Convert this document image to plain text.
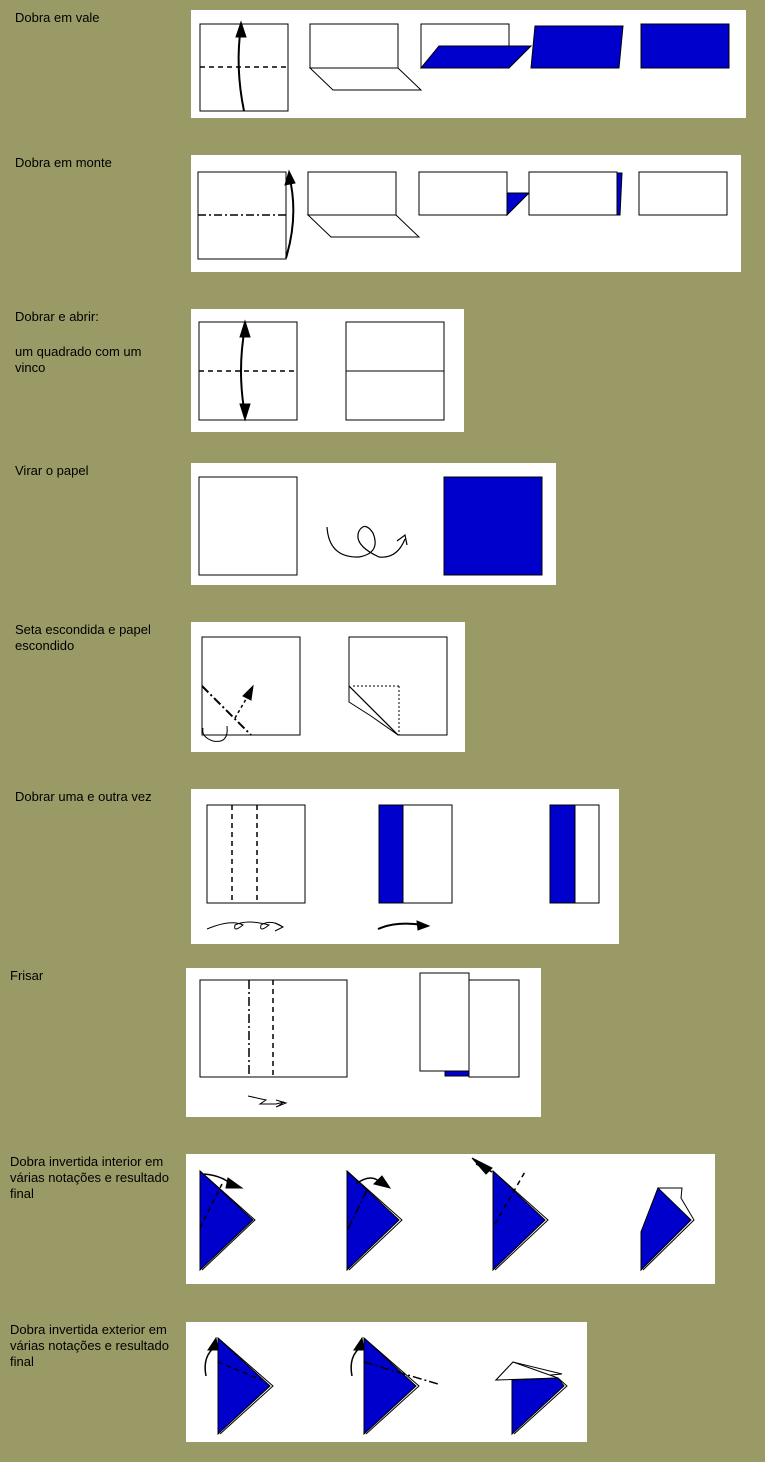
Dobra em vale
Dobra em monte
Dobrar e abrir:
um quadrado com um vinco
Virar o papel
Seta escondida e papel escondido
Dobrar uma e outra vez
Frisar
Dobra invertida interior em várias notações e resultado final
Dobra invertida exterior em várias notações e resultado final
